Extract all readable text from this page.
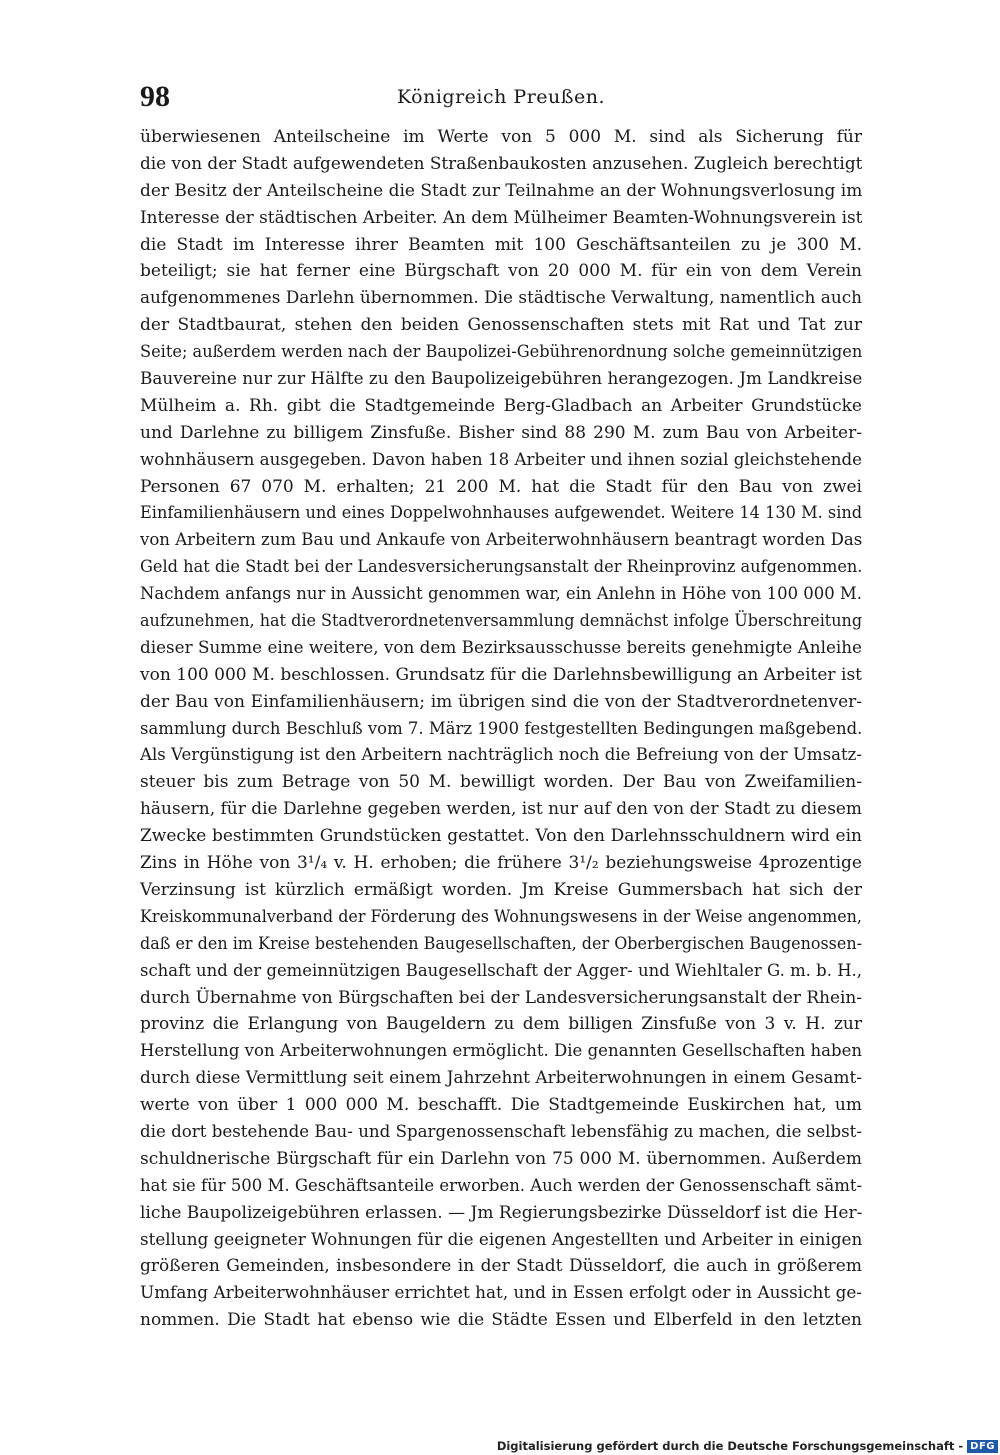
98	Königreich Preußen.
überwiesenen Anteilscheine im Werte von 5 000 M. sind als Sicherung für
die von der Stadt aufgewendeten Straßenbaukosten anzusehen. Zugleich berechtigt
der Besitz der Anteilscheine die Stadt zur Teilnahme an der Wohnungsverlosung im
Interesse der städtischen Arbeiter. An dem Mülheimer Beamten-Wohnungsverein ist
die Stadt im Interesse ihrer Beamten mit 100 Geschäftsanteilen zu je 300 M.
beteiligt; sie hat ferner eine Bürgschaft von 20 000 M. für ein von dem Verein
aufgenommenes Darlehn übernommen. Die städtische Verwaltung, namentlich auch
der Stadtbaurat, stehen den beiden Genossenschaften stets mit Rat und Tat zur
Seite; außerdem werden nach der Baupolizei-Gebührenordnung solche gemeinnützigen
Bauvereine nur zur Hälfte zu den Baupolizeigebühren herangezogen. Jm Landkreise
Mülheim a. Rh. gibt die Stadtgemeinde Berg-Gladbach an Arbeiter Grundstücke
und Darlehne zu billigem Zinsfuße. Bisher sind 88 290 M. zum Bau von Arbeiter-
wohnhäusern ausgegeben. Davon haben 18 Arbeiter und ihnen sozial gleichstehende
Personen 67 070 M. erhalten; 21 200 M. hat die Stadt für den Bau von zwei
Einfamilienhäusern und eines Doppelwohnhauses aufgewendet. Weitere 14 130 M. sind
von Arbeitern zum Bau und Ankaufe von Arbeiterwohnhäusern beantragt worden Das
Geld hat die Stadt bei der Landesversicherungsanstalt der Rheinprovinz aufgenommen.
Nachdem anfangs nur in Aussicht genommen war, ein Anlehn in Höhe von 100 000 M.
aufzunehmen, hat die Stadtverordnetenversammlung demnächst infolge Überschreitung
dieser Summe eine weitere, von dem Bezirksausschusse bereits genehmigte Anleihe
von 100 000 M. beschlossen. Grundsatz für die Darlehnsbewilligung an Arbeiter ist
der Bau von Einfamilienhäusern; im übrigen sind die von der Stadtverordnetenver-
sammlung durch Beschluß vom 7. März 1900 festgestellten Bedingungen maßgebend.
Als Vergünstigung ist den Arbeitern nachträglich noch die Befreiung von der Umsatz-
steuer bis zum Betrage von 50 M. bewilligt worden. Der Bau von Zweifamilien-
häusern, für die Darlehne gegeben werden, ist nur auf den von der Stadt zu diesem
Zwecke bestimmten Grundstücken gestattet. Von den Darlehnsschuldnern wird ein
Zins in Höhe von 3¹/₄ v. H. erhoben; die frühere 3¹/₂ beziehungsweise 4prozentige
Verzinsung ist kürzlich ermäßigt worden. Jm Kreise Gummersbach hat sich der
Kreiskommunalverband der Förderung des Wohnungswesens in der Weise angenommen,
daß er den im Kreise bestehenden Baugesellschaften, der Oberbergischen Baugenossen-
schaft und der gemeinnützigen Baugesellschaft der Agger- und Wiehltaler G. m. b. H.,
durch Übernahme von Bürgschaften bei der Landesversicherungsanstalt der Rhein-
provinz die Erlangung von Baugeldern zu dem billigen Zinsfuße von 3 v. H. zur
Herstellung von Arbeiterwohnungen ermöglicht. Die genannten Gesellschaften haben
durch diese Vermittlung seit einem Jahrzehnt Arbeiterwohnungen in einem Gesamt-
werte von über 1 000 000 M. beschafft. Die Stadtgemeinde Euskirchen hat, um
die dort bestehende Bau- und Spargenossenschaft lebensfähig zu machen, die selbst-
schuldnerische Bürgschaft für ein Darlehn von 75 000 M. übernommen. Außerdem
hat sie für 500 M. Geschäftsanteile erworben. Auch werden der Genossenschaft sämt-
liche Baupolizeigebühren erlassen. — Jm Regierungsbezirke Düsseldorf ist die Her-
stellung geeigneter Wohnungen für die eigenen Angestellten und Arbeiter in einigen
größeren Gemeinden, insbesondere in der Stadt Düsseldorf, die auch in größerem
Umfang Arbeiterwohnhäuser errichtet hat, und in Essen erfolgt oder in Aussicht ge-
nommen. Die Stadt hat ebenso wie die Städte Essen und Elberfeld in den letzten
Digitalisierung gefördert durch die Deutsche Forschungsgemeinschaft - DFG
